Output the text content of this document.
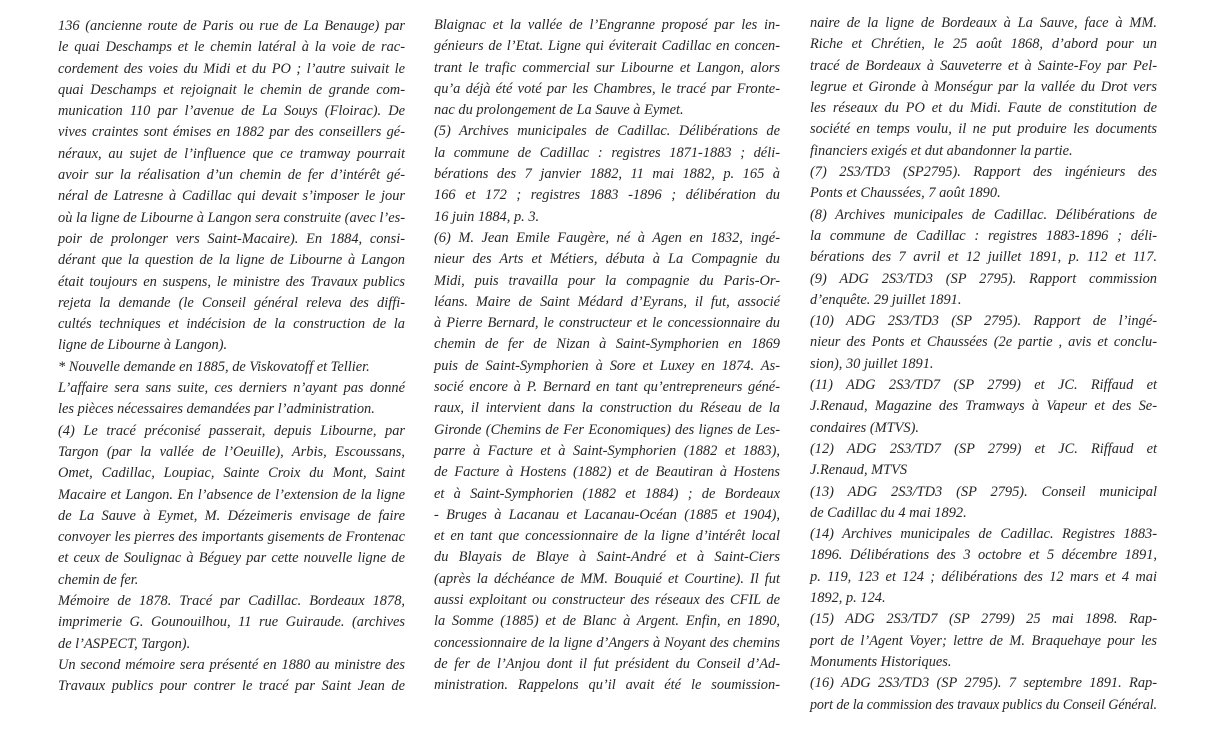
136 (ancienne route de Paris ou rue de La Benauge) par
le quai Deschamps et le chemin latéral à la voie de rac-
cordement des voies du Midi et du PO ; l’autre suivait le
quai Deschamps et rejoignait le chemin de grande com-
munication 110 par l’avenue de La Souys (Floirac). De
vives craintes sont émises en 1882 par des conseillers gé-
néraux, au sujet de l’influence que ce tramway pourrait
avoir sur la réalisation d’un chemin de fer d’intérêt gé-
néral de Latresne à Cadillac qui devait s’imposer le jour
où la ligne de Libourne à Langon sera construite (avec l’es-
poir de prolonger vers Saint-Macaire). En 1884, consi-
dérant que la question de la ligne de Libourne à Langon
était toujours en suspens, le ministre des Travaux publics
rejeta la demande (le Conseil général releva des diffi-
cultés techniques et indécision de la construction de la
ligne de Libourne à Langon).
* Nouvelle demande en 1885, de Viskovatoff et Tellier.
L’affaire sera sans suite, ces derniers n’ayant pas donné
les pièces nécessaires demandées par l’administration.
(4) Le tracé préconisé passerait, depuis Libourne, par
Targon (par la vallée de l’Oeuille), Arbis, Escoussans,
Omet, Cadillac, Loupiac, Sainte Croix du Mont, Saint
Macaire et Langon. En l’absence de l’extension de la ligne
de La Sauve à Eymet, M. Dézeimeris envisage de faire
convoyer les pierres des importants gisements de Frontenac
et ceux de Soulignac à Béguey par cette nouvelle ligne de
chemin de fer.
Mémoire de 1878. Tracé par Cadillac. Bordeaux 1878,
imprimerie G. Gounouilhou, 11 rue Guiraude. (archives
de l’ASPECT, Targon).
Un second mémoire sera présenté en 1880 au ministre des
Travaux publics pour contrer le tracé par Saint Jean de
Blaignac et la vallée de l’Engranne proposé par les in-
génieurs de l’Etat. Ligne qui éviterait Cadillac en concen-
trant le trafic commercial sur Libourne et Langon, alors
qu’a déjà été voté par les Chambres, le tracé par Fronte-
nac du prolongement de La Sauve à Eymet.
(5) Archives municipales de Cadillac. Délibérations de
la commune de Cadillac : registres 1871-1883 ; déli-
bérations des 7 janvier 1882, 11 mai 1882, p. 165 à
166 et 172 ; registres 1883 -1896 ; délibération du
16 juin 1884, p. 3.
(6) M. Jean Emile Faugère, né à Agen en 1832, ingé-
nieur des Arts et Métiers, débuta à La Compagnie du
Midi, puis travailla pour la compagnie du Paris-Or-
léans. Maire de Saint Médard d’Eyrans, il fut, associé
à Pierre Bernard, le constructeur et le concessionnaire du
chemin de fer de Nizan à Saint-Symphorien en 1869
puis de Saint-Symphorien à Sore et Luxey en 1874. As-
socié encore à P. Bernard en tant qu’entrepreneurs géné-
raux, il intervient dans la construction du Réseau de la
Gironde (Chemins de Fer Economiques) des lignes de Les-
parre à Facture et à Saint-Symphorien (1882 et 1883),
de Facture à Hostens (1882) et de Beautiran à Hostens
et à Saint-Symphorien (1882 et 1884) ; de Bordeaux
- Bruges à Lacanau et Lacanau-Océan (1885 et 1904),
et en tant que concessionnaire de la ligne d’intérêt local
du Blayais de Blaye à Saint-André et à Saint-Ciers
(après la déchéance de MM. Bouquié et Courtine). Il fut
aussi exploitant ou constructeur des réseaux des CFIL de
la Somme (1885) et de Blanc à Argent. Enfin, en 1890,
concessionnaire de la ligne d’Angers à Noyant des chemins
de fer de l’Anjou dont il fut président du Conseil d’Ad-
ministration. Rappelons qu’il avait été le soumission-
naire de la ligne de Bordeaux à La Sauve, face à MM.
Riche et Chrétien, le 25 août 1868, d’abord pour un
tracé de Bordeaux à Sauveterre et à Sainte-Foy par Pel-
legrue et Gironde à Monségur par la vallée du Drot vers
les réseaux du PO et du Midi. Faute de constitution de
société en temps voulu, il ne put produire les documents
financiers exigés et dut abandonner la partie.
(7) 2S3/TD3 (SP2795). Rapport des ingénieurs des
Ponts et Chaussées, 7 août 1890.
(8) Archives municipales de Cadillac. Délibérations de
la commune de Cadillac : registres 1883-1896 ; déli-
bérations des 7 avril et 12 juillet 1891, p. 112 et 117.
(9) ADG 2S3/TD3 (SP 2795). Rapport commission
d’enquête. 29 juillet 1891.
(10) ADG 2S3/TD3 (SP 2795). Rapport de l’ingé-
nieur des Ponts et Chaussées (2e partie , avis et conclu-
sion), 30 juillet 1891.
(11) ADG 2S3/TD7 (SP 2799) et JC. Riffaud et
J.Renaud, Magazine des Tramways à Vapeur et des Se-
condaires (MTVS).
(12) ADG 2S3/TD7 (SP 2799) et JC. Riffaud et
J.Renaud, MTVS
(13) ADG 2S3/TD3 (SP 2795). Conseil municipal
de Cadillac du 4 mai 1892.
(14) Archives municipales de Cadillac. Registres 1883-
1896. Délibérations des 3 octobre et 5 décembre 1891,
p. 119, 123 et 124 ; délibérations des 12 mars et 4 mai
1892, p. 124.
(15) ADG 2S3/TD7 (SP 2799) 25 mai 1898. Rap-
port de l’Agent Voyer; lettre de M. Braquehaye pour les
Monuments Historiques.
(16) ADG 2S3/TD3 (SP 2795). 7 septembre 1891. Rap-
port de la commission des travaux publics du Conseil Général.
